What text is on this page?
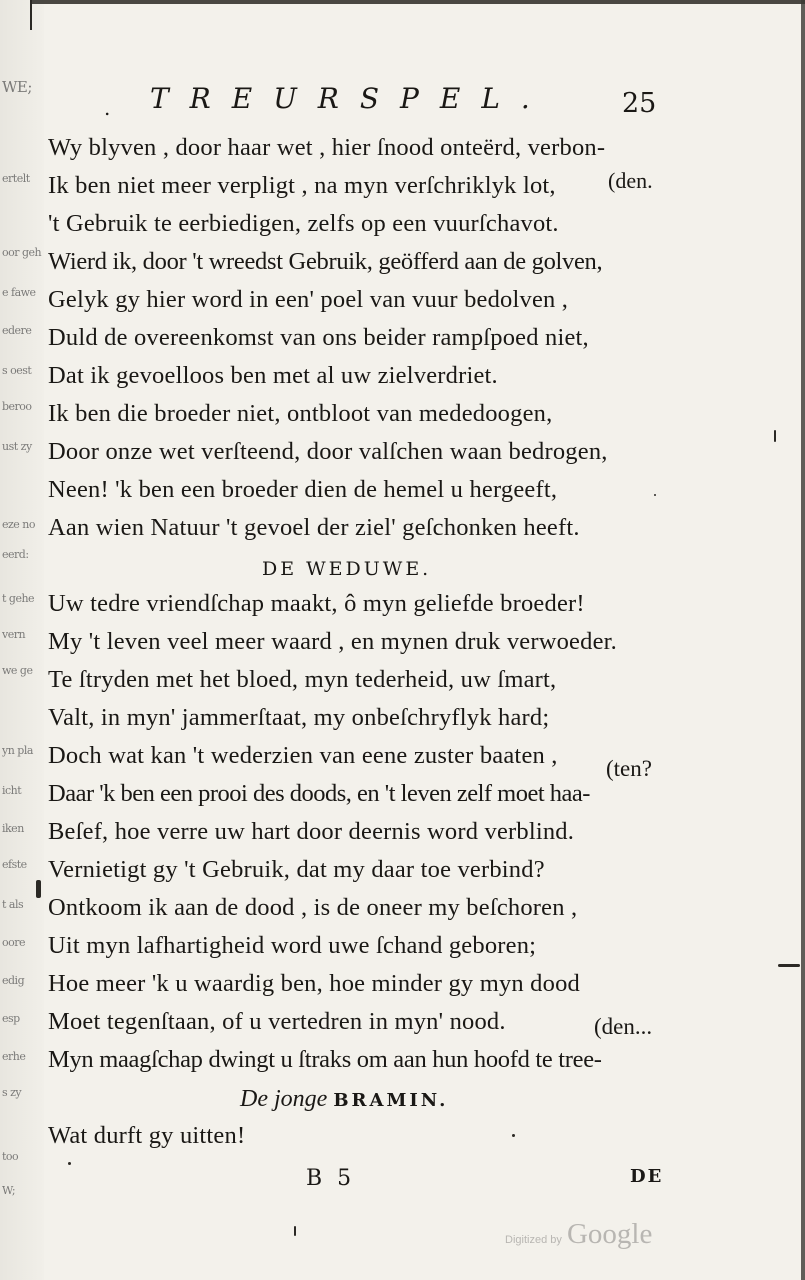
WE;
ertelt
oor geh
e fawe
edere
s oest
beroo
ust zy
eze no
eerd:
t gehe
vern
we ge
yn pla
icht
iken
efste
t als
oore
edig
esp
erhe
s zy
too
W;
. TREURSPEL.	25
Wy blyven , door haar wet , hier ſnood onteërd, verbon-
Ik ben niet meer verpligt , na myn verſchriklyk lot, (den.
't Gebruik te eerbiedigen, zelfs op een vuurſchavot.
Wierd ik, door 't wreedst Gebruik, geöfferd aan de golven,
Gelyk gy hier word in een' poel van vuur bedolven ,
Duld de overeenkomst van ons beider rampſpoed niet,
Dat ik gevoelloos ben met al uw zielverdriet.
Ik ben die broeder niet, ontbloot van mededoogen,
Door onze wet verſteend, door valſchen waan bedrogen,
Neen! 'k ben een broeder dien de hemel u hergeeft,
Aan wien Natuur 't gevoel der ziel' geſchonken heeft.
DE WEDUWE.
Uw tedre vriendſchap maakt, ô myn geliefde broeder!
My 't leven veel meer waard , en mynen druk verwoeder.
Te ſtryden met het bloed, myn tederheid, uw ſmart,
Valt, in myn' jammerſtaat, my onbeſchryflyk hard;
Doch wat kan 't wederzien van eene zuster baaten , (ten?
Daar 'k ben een prooi des doods, en 't leven zelf moet haa-
Beſef, hoe verre uw hart door deernis word verblind.
Vernietigt gy 't Gebruik, dat my daar toe verbind?
Ontkoom ik aan de dood , is de oneer my beſchoren ,
Uit myn lafhartigheid word uwe ſchand geboren;
Hoe meer 'k u waardig ben, hoe minder gy myn dood
Moet tegenſtaan, of u vertedren in myn' nood.	(den...
Myn maagſchap dwingt u ſtraks om aan hun hoofd te tree-
De jonge BRAMIN.
Wat durft gy uitten!
B 5	DE
Digitized by Google
